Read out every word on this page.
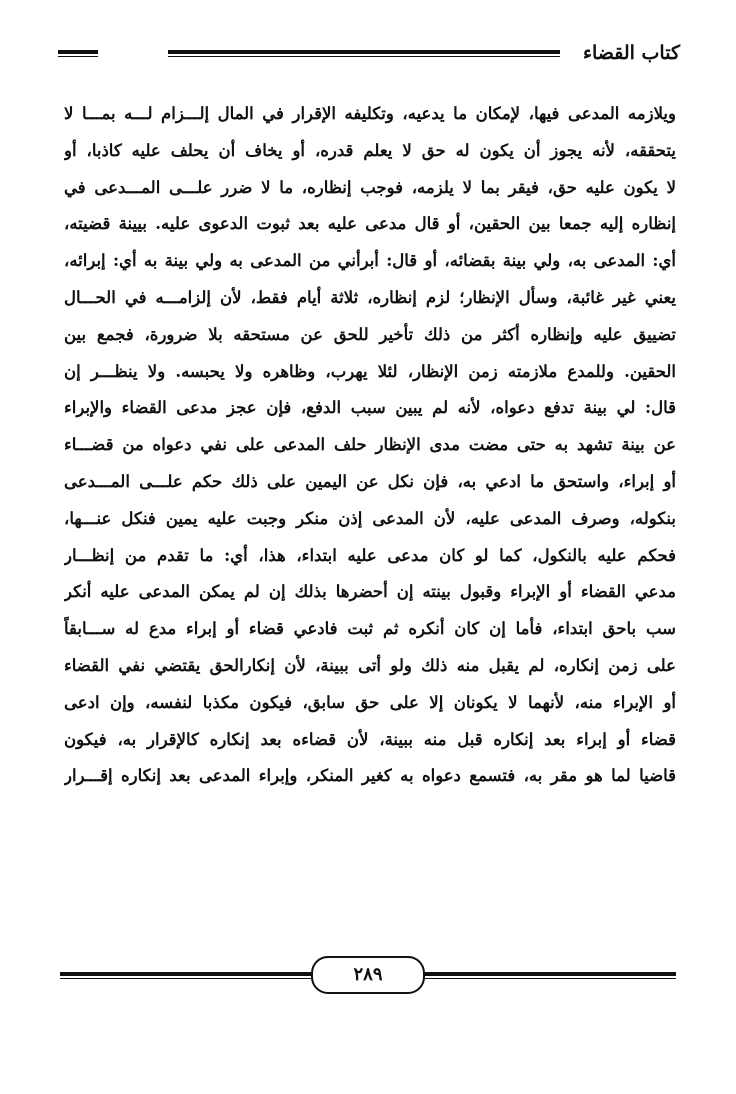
كتاب القضاء
ويلازمه المدعى فيها، لإمكان ما يدعيه، وتكليفه الإقرار في المال إلـــزام لـــه بمـــا لا
يتحققه، لأنه يجوز أن يكون له حق لا يعلم قدره، أو يخاف أن يحلف عليه كاذبا، أو
لا يكون عليه حق، فيقر بما لا يلزمه، فوجب إنظاره، ما لا ضرر علـــى المـــدعى في
إنظاره إليه جمعا بين الحقين، أو قال مدعى عليه بعد ثبوت الدعوى عليه. بيينة قضيته،
أي: المدعى به، ولي بينة بقضائه، أو قال: أبرأني من المدعى به ولي بينة به أي: إبرائه،
يعني غير غائبة، وسأل الإنظار؛ لزم إنظاره، ثلاثة أيام فقط، لأن إلزامـــه في الحـــال
تضييق عليه وإنظاره أكثر من ذلك تأخير للحق عن مستحقه بلا ضرورة، فجمع بين
الحقين. وللمدع ملازمته زمن الإنظار، لئلا يهرب، وظاهره ولا يحبسه. ولا ينظـــر إن
قال: لي بينة تدفع دعواه، لأنه لم يبين سبب الدفع، فإن عجز مدعى القضاء والإبراء
عن بينة تشهد به حتى مضت مدى الإنظار حلف المدعى على نفي دعواه من قضـــاء
أو إبراء، واستحق ما ادعي به، فإن نكل عن اليمين على ذلك حكم علـــى المـــدعى
بنكوله، وصرف المدعى عليه، لأن المدعى إذن منكر وجبت عليه يمين فنكل عنـــها،
فحكم عليه بالنكول، كما لو كان مدعى عليه ابتداء، هذا، أي: ما تقدم من إنظـــار
مدعي القضاء أو الإبراء وقبول بينته إن أحضرها بذلك إن لم يمكن المدعى عليه أنكر
سب باحق ابتداء، فأما إن كان أنكره ثم ثبت فادعي قضاء أو إبراء مدع له ســـابقاً
على زمن إنكاره، لم يقبل منه ذلك ولو أتى ببينة، لأن إنكارالحق يقتضي نفي القضاء
أو الإبراء منه، لأنهما لا يكونان إلا على حق سابق، فيكون مكذبا لنفسه، وإن ادعى
قضاء أو إبراء بعد إنكاره قبل منه ببينة، لأن قضاءه بعد إنكاره كالإقرار به، فيكون
قاضيا لما هو مقر به، فتسمع دعواه به كغير المنكر، وإبراء المدعى بعد إنكاره إقـــرار
٢٨٩
